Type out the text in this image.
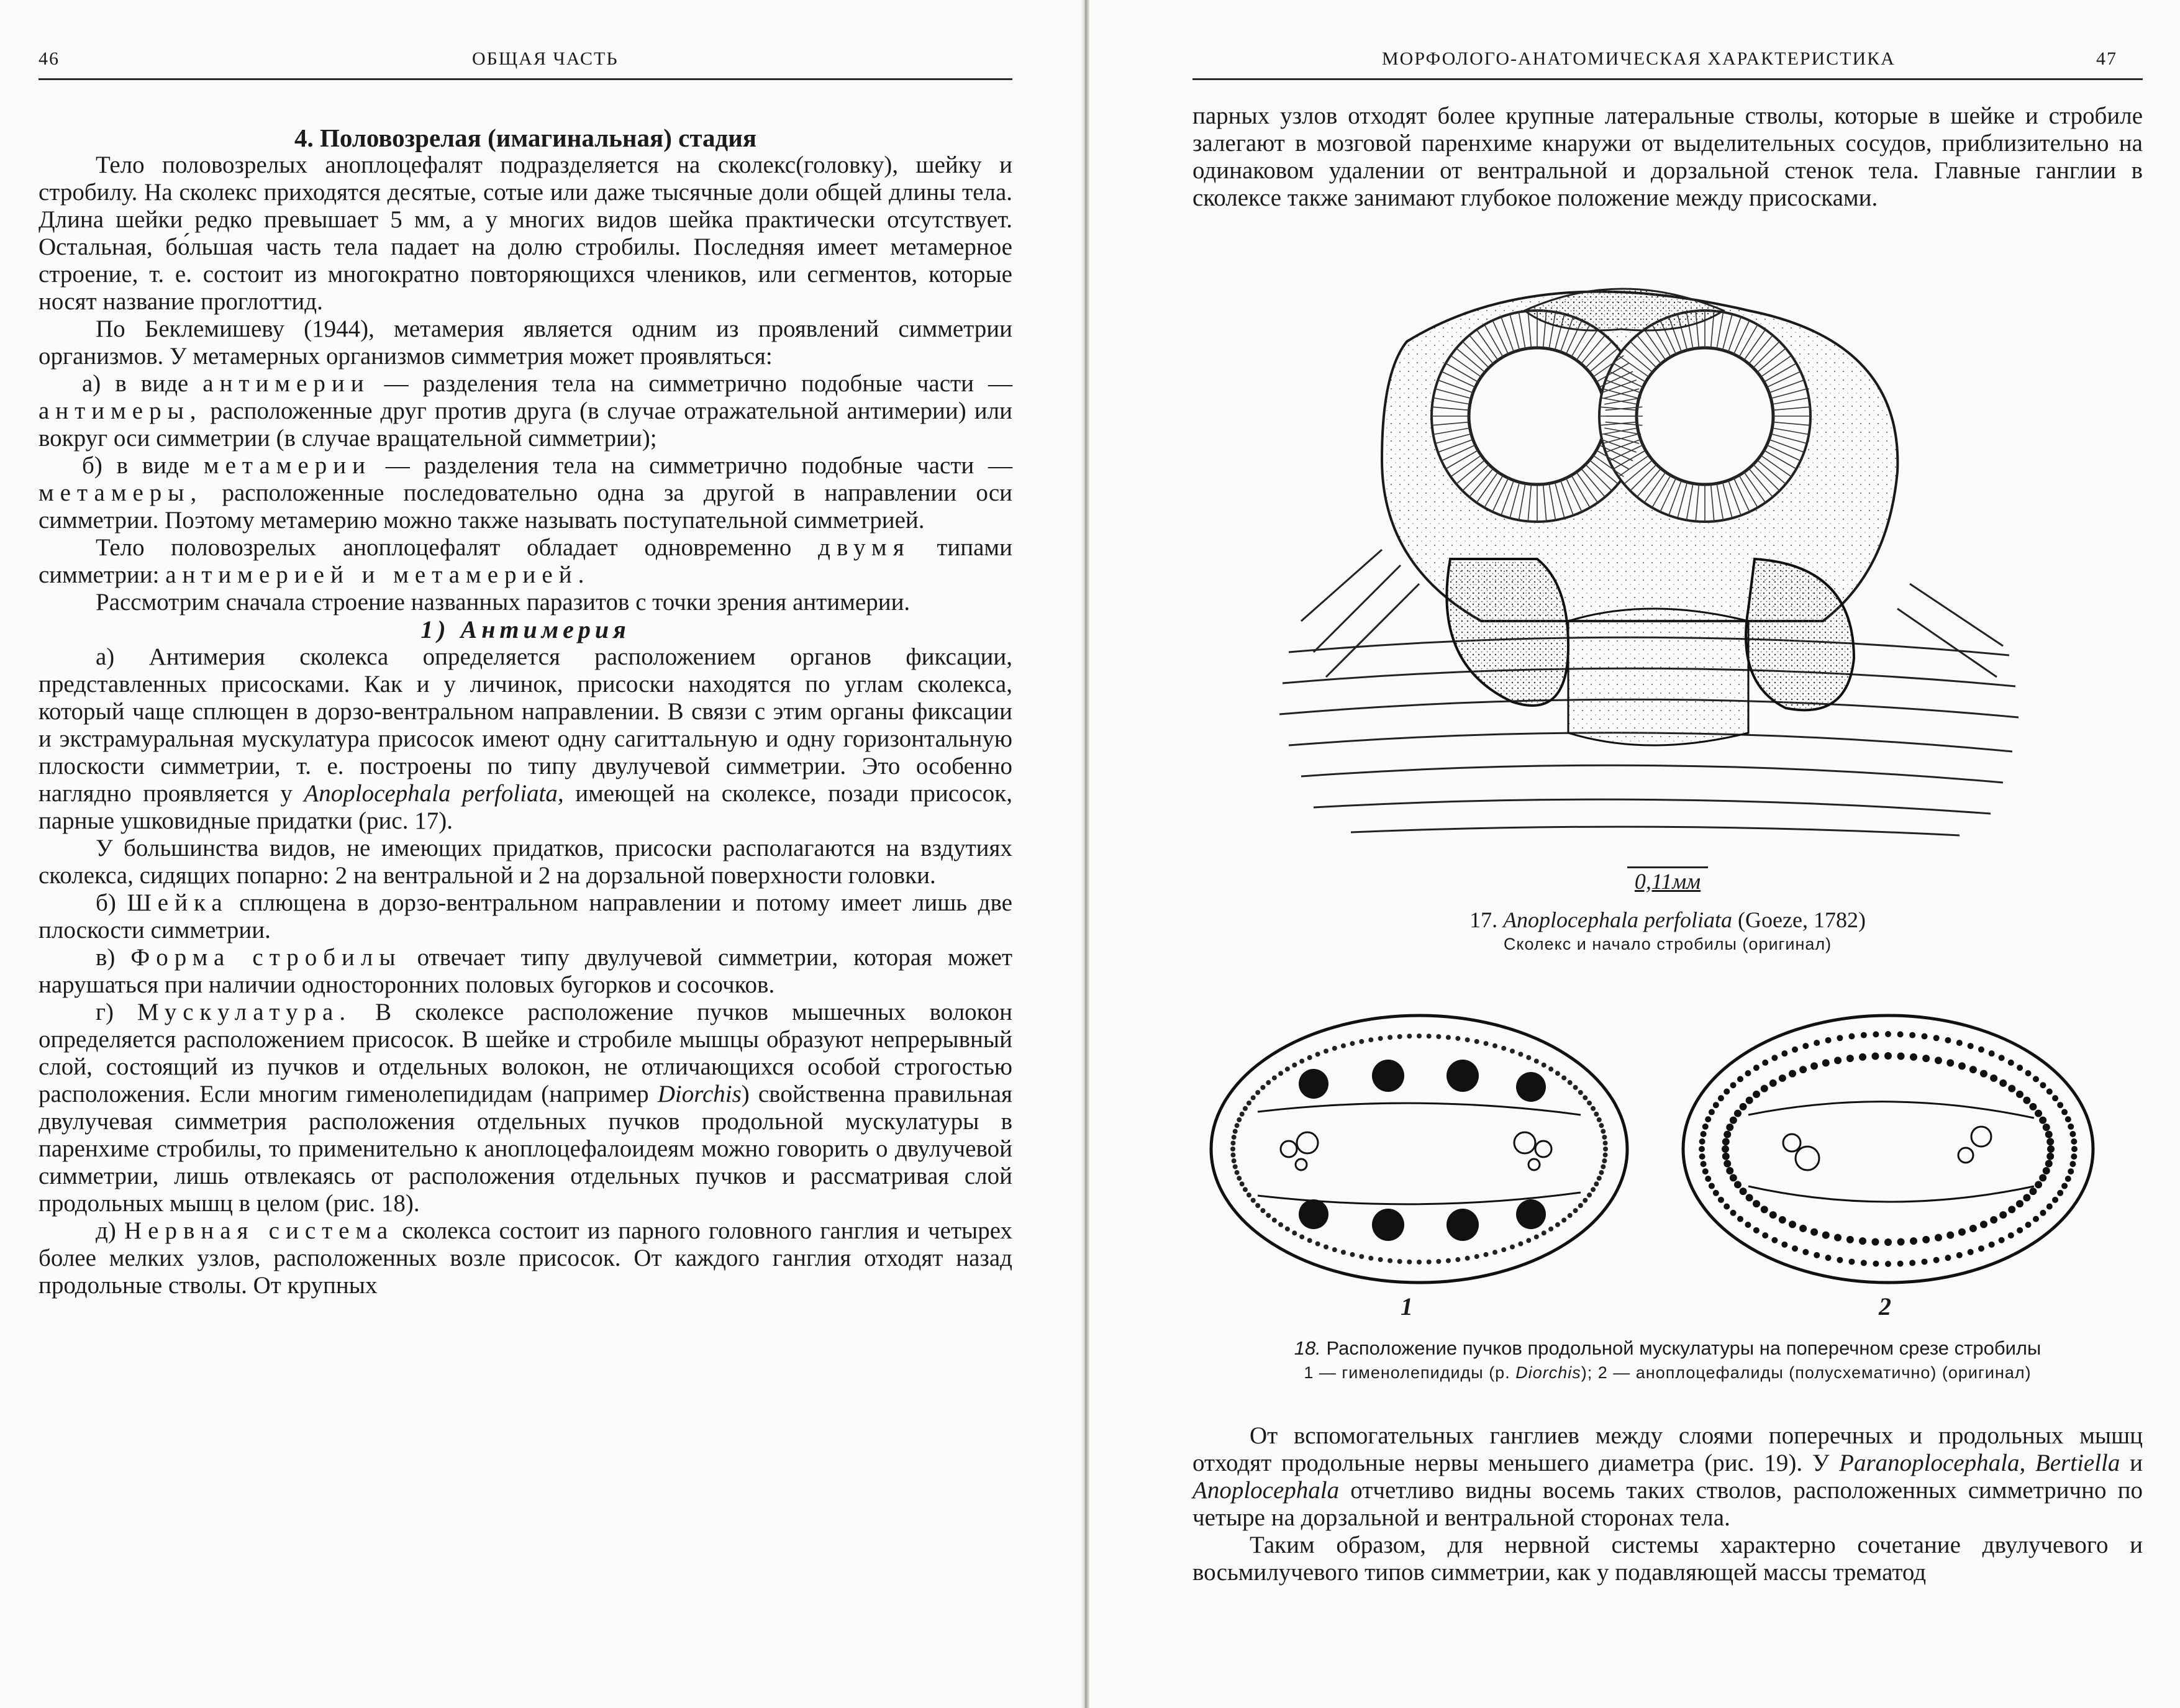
46	ОБЩАЯ ЧАСТЬ

4. Половозрелая (имагинальная) стадия

Тело половозрелых аноплоцефалят подразделяется на сколекс(головку), шейку и стробилу. На сколекс приходятся десятые, сотые или даже тысячные доли общей длины тела. Длина шейки редко превышает 5 мм, а у многих видов шейка практически отсутствует. Остальная, бо́льшая часть тела падает на долю стробилы. Последняя имеет метамерное строение, т. е. состоит из многократно повторяющихся члеников, или сегментов, которые носят название проглоттид.

По Беклемишеву (1944), метамерия является одним из проявлений симметрии организмов. У метамерных организмов симметрия может проявляться:

а) в виде антимерии — разделения тела на симметрично подобные части — антимеры, расположенные друг против друга (в случае отражательной антимерии) или вокруг оси симметрии (в случае вращательной симметрии);

б) в виде метамерии — разделения тела на симметрично подобные части — метамеры, расположенные последовательно одна за другой в направлении оси симметрии. Поэтому метамерию можно также называть поступательной симметрией.

Тело половозрелых аноплоцефалят обладает одновременно двумя типами симметрии: антимерией и метамерией.

Рассмотрим сначала строение названных паразитов с точки зрения антимерии.

1) Антимерия

а) Антимерия сколекса определяется расположением органов фиксации, представленных присосками. Как и у личинок, присоски находятся по углам сколекса, который чаще сплющен в дорзо-вентральном направлении. В связи с этим органы фиксации и экстрамуральная мускулатура присосок имеют одну сагиттальную и одну горизонтальную плоскости симметрии, т. е. построены по типу двулучевой симметрии. Это особенно наглядно проявляется у Anoplocephala perfoliata, имеющей на сколексе, позади присосок, парные ушковидные придатки (рис. 17).

У большинства видов, не имеющих придатков, присоски располагаются на вздутиях сколекса, сидящих попарно: 2 на вентральной и 2 на дорзальной поверхности головки.

б) Шейка сплющена в дорзо-вентральном направлении и потому имеет лишь две плоскости симметрии.

в) Форма стробилы отвечает типу двулучевой симметрии, которая может нарушаться при наличии односторонних половых бугорков и сосочков.

г) Мускулатура. В сколексе расположение пучков мышечных волокон определяется расположением присосок. В шейке и стробиле мышцы образуют непрерывный слой, состоящий из пучков и отдельных волокон, не отличающихся особой строгостью расположения. Если многим гименолепидидам (например Diorchis) свойственна правильная двулучевая симметрия расположения отдельных пучков продольной мускулатуры в паренхиме стробилы, то применительно к аноплоцефалоидеям можно говорить о двулучевой симметрии, лишь отвлекаясь от расположения отдельных пучков и рассматривая слой продольных мышц в целом (рис. 18).

д) Нервная система сколекса состоит из парного головного ганглия и четырех более мелких узлов, расположенных возле присосок. От каждого ганглия отходят назад продольные стволы. От крупных

МОРФОЛОГО-АНАТОМИЧЕСКАЯ ХАРАКТЕРИСТИКА	47

парных узлов отходят более крупные латеральные стволы, которые в шейке и стробиле залегают в мозговой паренхиме кнаружи от выделительных сосудов, приблизительно на одинаковом удалении от вентральной и дорзальной стенок тела. Главные ганглии в сколексе также занимают глубокое положение между присосками.

0,11мм
17. Anoplocephala perfoliata (Goeze, 1782)
Сколекс и начало стробилы (оригинал)
1	2
18. Расположение пучков продольной мускулатуры на поперечном срезе стробилы
1 — гименолепидиды (р. Diorchis); 2 — аноплоцефалиды (полусхематично) (оригинал)

От вспомогательных ганглиев между слоями поперечных и продольных мышц отходят продольные нервы меньшего диаметра (рис. 19). У Paranoplocephala, Bertiella и Anoplocephala отчетливо видны восемь таких стволов, расположенных симметрично по четыре на дорзальной и вентральной сторонах тела.

Таким образом, для нервной системы характерно сочетание двулучевого и восьмилучевого типов симметрии, как у подавляющей массы трематод
